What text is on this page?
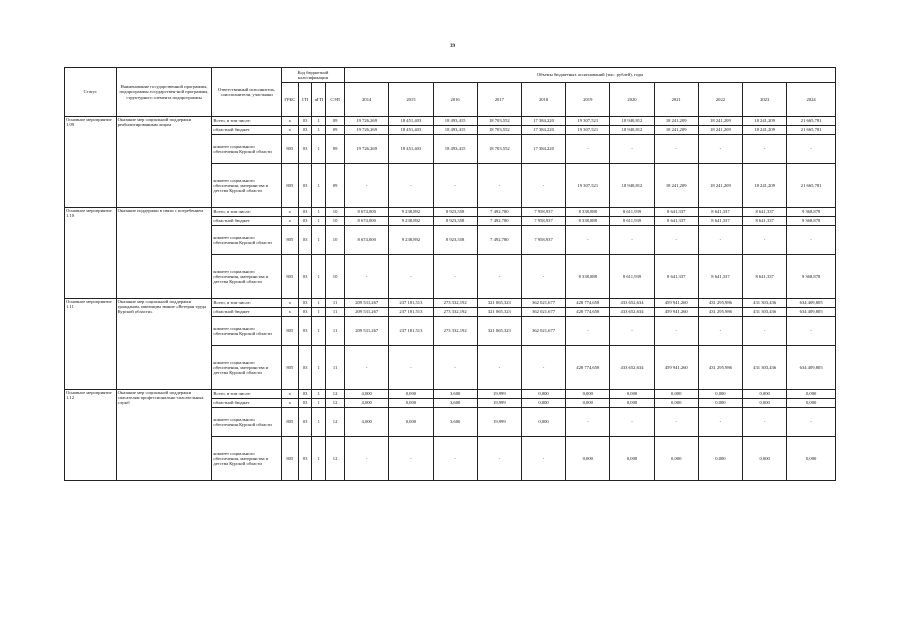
39
Статус	Наименование государственной программы, подпрограммы государствен-ной программы, структурного элемента подпрограммы	Ответственный исполнитель, соисполнители, участники	Код бюджетной классификации				Объемы бюджетных ассигнований (тыс. рублей), годы										
			ГРБС	ГП	пГП	СЭП	2014	2015	2016	2017	2018	2019	2020	2021	2022	2023	2024
Основное мероприятие 1.09	Оказание мер социальной поддержки реабилитированным лицам	Всего, в том числе:	x	03	1	09	19 726,269	18 451,403	18 493,415	18 703,552	17 384,220	19 307,521	18 940,812	18 241,209	18 241,209	18 241,209	21 665,781
		областной бюджет	x	03	1	09	19 726,269	18 451,403	18 493,415	18 703,552	17 384,220	19 307,521	18 940,812	18 241,209	18 241,209	18 241,209	21 665,781
		комитет социального обеспечения Курской области	805	03	1	09	19 726,269	18 451,403	18 493,415	18 703,552	17 384,220	-	-	-	-	-	-
		комитет социального обеспечения, материнства и детства Курской области	805	03	1	09	-	-	-	-	-	19 307,521	18 940,812	18 241,209	18 241,209	18 241,209	21 665,781
Основное мероприятие 1.10	Оказание поддержки в связи с погребением	Всего, в том числе:	x	03	1	10	8 674,000	9 238,892	8 923,358	7 492,780	7 958,937	8 338,888	8 611,939	8 641,337	8 641,337	8 641,337	9 368,878
		областной бюджет	x	03	1	10	8 674,000	9 238,892	8 923,358	7 492,780	7 958,937	8 338,888	8 611,939	8 641,337	8 641,337	8 641,337	9 368,878
		комитет социального обеспечения Курской области	805	03	1	10	8 674,000	9 238,892	8 923,358	7 492,780	7 958,937	-	-	-	-	-	-
		комитет социального обеспечения, материнства и детства Курской области	805	03	1	10	-	-	-	-	-	8 338,888	8 611,939	8 641,337	8 641,337	8 641,337	9 368,878
Основное мероприятие 1.11	Оказание мер социальной поддержки гражданам, имеющим звание «Ветеран труда Курской области»	Всего, в том числе:	x	03	1	11	209 531,267	237 181,513	273 332,192	321 065,323	362 021,677	428 774,658	433 652,634	459 941,260	431 295,986	431 303,436	634 409,805
		областной бюджет	x	03	1	11	209 531,267	237 181,513	273 332,192	321 065,323	362 021,677	428 774,658	433 652,634	459 941,260	431 295,986	431 303,436	634 409,805
		комитет социального обеспечения Курской области	805	03	1	11	209 531,267	237 181,513	273 332,192	321 065,323	362 021,677	-	-	-	-	-	-
		комитет социального обеспечения, материнства и детства Курской области	805	03	1	11	-	-	-	-	-	428 774,658	433 652,634	459 941,260	431 295,986	431 303,436	634 409,805
Основное мероприятие 1.12	Оказание мер социальной поддержки спасателям профессионально-спасательных служб	Всего, в том числе:	x	03	1	12	4,000	0,000	3,600	19,999	0,000	0,000	0,000	0,000	0,000	0,000	0,000
		областной бюджет	x	03	1	12	4,000	0,000	3,600	19,999	0,000	0,000	0,000	0,000	0,000	0,000	0,000
		комитет социального обеспечения Курской области	805	03	1	12	4,000	0,000	3,600	19,999	0,000	-	-	-	-	-	-
		комитет социального обеспечения, материнства и детства Курской области	805	03	1	12	-	-	-	-	-	0,000	0,000	0,000	0,000	0,000	0,000
